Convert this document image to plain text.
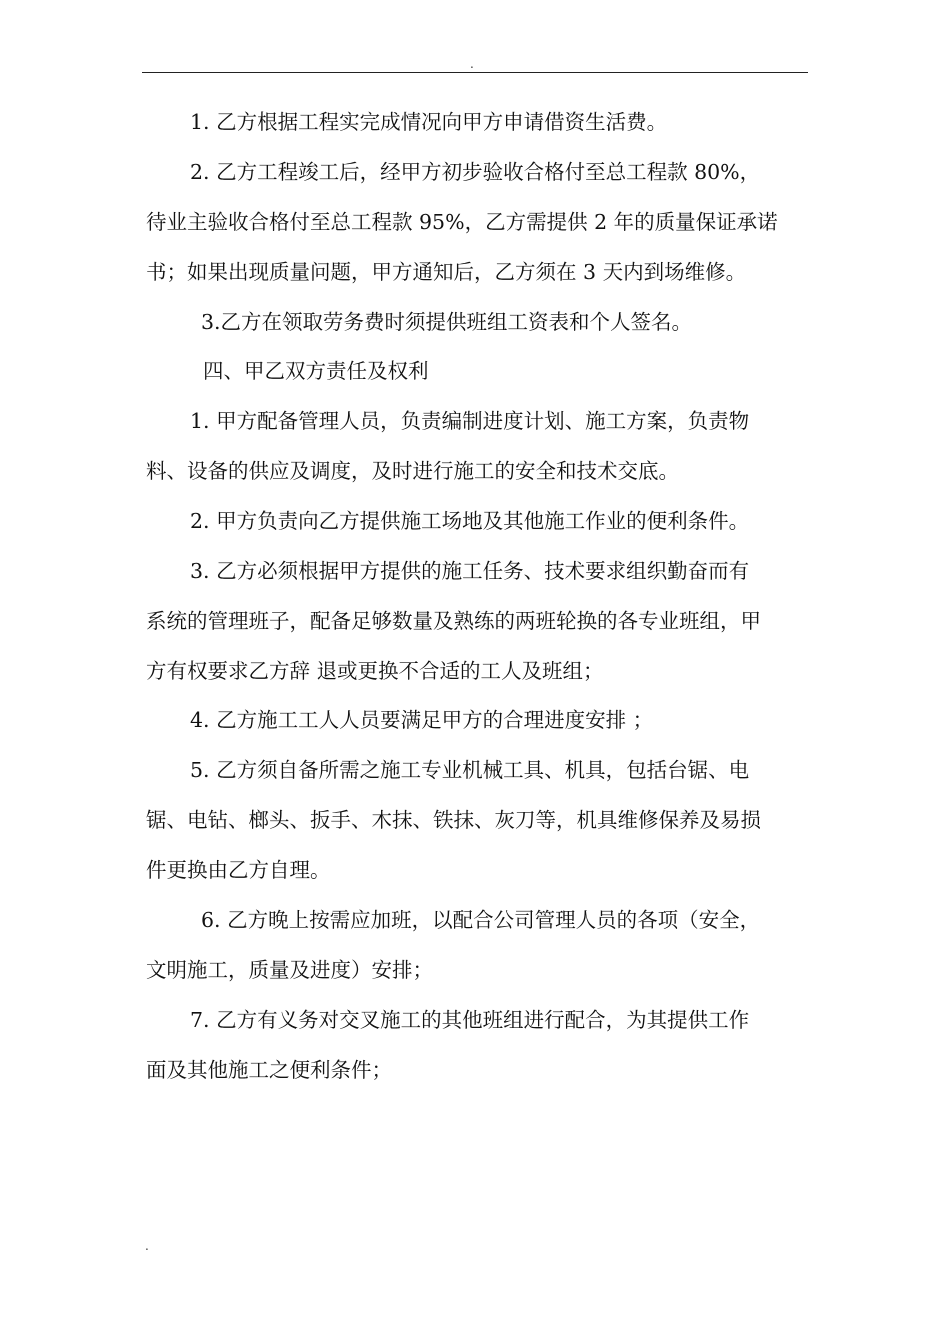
.
1. 乙方根据工程实完成情况向甲方申请借资生活费。
2. 乙方工程竣工后，经甲方初步验收合格付至总工程款 80%，
待业主验收合格付至总工程款 95%，乙方需提供 2 年的质量保证承诺
书；如果出现质量问题，甲方通知后，乙方须在 3 天内到场维修。
3.乙方在领取劳务费时须提供班组工资表和个人签名。
四、甲乙双方责任及权利
1. 甲方配备管理人员，负责编制进度计划、施工方案，负责物
料、设备的供应及调度，及时进行施工的安全和技术交底。
2. 甲方负责向乙方提供施工场地及其他施工作业的便利条件。
3. 乙方必须根据甲方提供的施工任务、技术要求组织勤奋而有
系统的管理班子，配备足够数量及熟练的两班轮换的各专业班组，甲
方有权要求乙方辞 退或更换不合适的工人及班组；
4. 乙方施工工人人员要满足甲方的合理进度安排 ；
5. 乙方须自备所需之施工专业机械工具、机具，包括台锯、电
锯、电钻、榔头、扳手、木抹、铁抹、灰刀等，机具维修保养及易损
件更换由乙方自理。
6. 乙方晚上按需应加班，以配合公司管理人员的各项（安全，
文明施工，质量及进度）安排；
7. 乙方有义务对交叉施工的其他班组进行配合，为其提供工作
面及其他施工之便利条件；
.
